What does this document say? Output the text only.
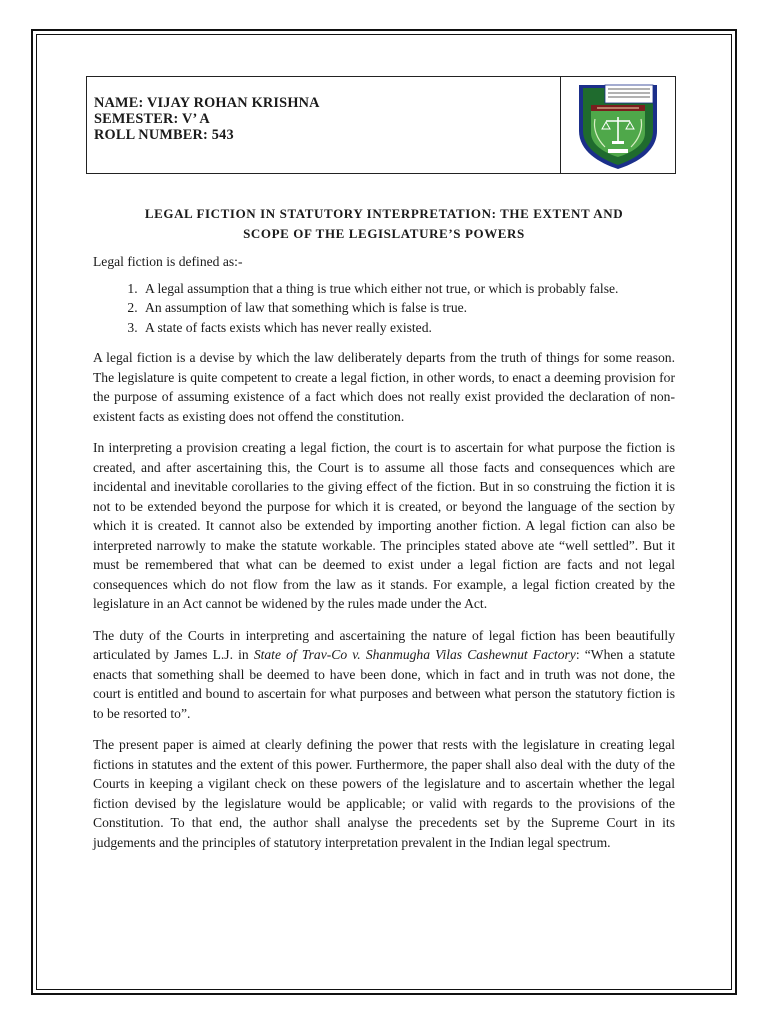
NAME: VIJAY ROHAN KRISHNA
SEMESTER: V’ A
ROLL NUMBER: 543
LEGAL FICTION IN STATUTORY INTERPRETATION: THE EXTENT AND
SCOPE OF THE LEGISLATURE’S POWERS

Legal fiction is defined as:-

1. A legal assumption that a thing is true which either not true, or which is probably false.
2. An assumption of law that something which is false is true.
3. A state of facts exists which has never really existed.

A legal fiction is a devise by which the law deliberately departs from the truth of things for some reason. The legislature is quite competent to create a legal fiction, in other words, to enact a deeming provision for the purpose of assuming existence of a fact which does not really exist provided the declaration of non-existent facts as existing does not offend the constitution.

In interpreting a provision creating a legal fiction, the court is to ascertain for what purpose the fiction is created, and after ascertaining this, the Court is to assume all those facts and consequences which are incidental and inevitable corollaries to the giving effect of the fiction. But in so construing the fiction it is not to be extended beyond the purpose for which it is created, or beyond the language of the section by which it is created. It cannot also be extended by importing another fiction. A legal fiction can also be interpreted narrowly to make the statute workable. The principles stated above ate “well settled”. But it must be remembered that what can be deemed to exist under a legal fiction are facts and not legal consequences which do not flow from the law as it stands. For example, a legal fiction created by the legislature in an Act cannot be widened by the rules made under the Act.

The duty of the Courts in interpreting and ascertaining the nature of legal fiction has been beautifully articulated by James L.J. in State of Trav-Co v. Shanmugha Vilas Cashewnut Factory: “When a statute enacts that something shall be deemed to have been done, which in fact and in truth was not done, the court is entitled and bound to ascertain for what purposes and between what person the statutory fiction is to be resorted to”.

The present paper is aimed at clearly defining the power that rests with the legislature in creating legal fictions in statutes and the extent of this power. Furthermore, the paper shall also deal with the duty of the Courts in keeping a vigilant check on these powers of the legislature and to ascertain whether the legal fiction devised by the legislature would be applicable; or valid with regards to the provisions of the Constitution. To that end, the author shall analyse the precedents set by the Supreme Court in its judgements and the principles of statutory interpretation prevalent in the Indian legal spectrum.
